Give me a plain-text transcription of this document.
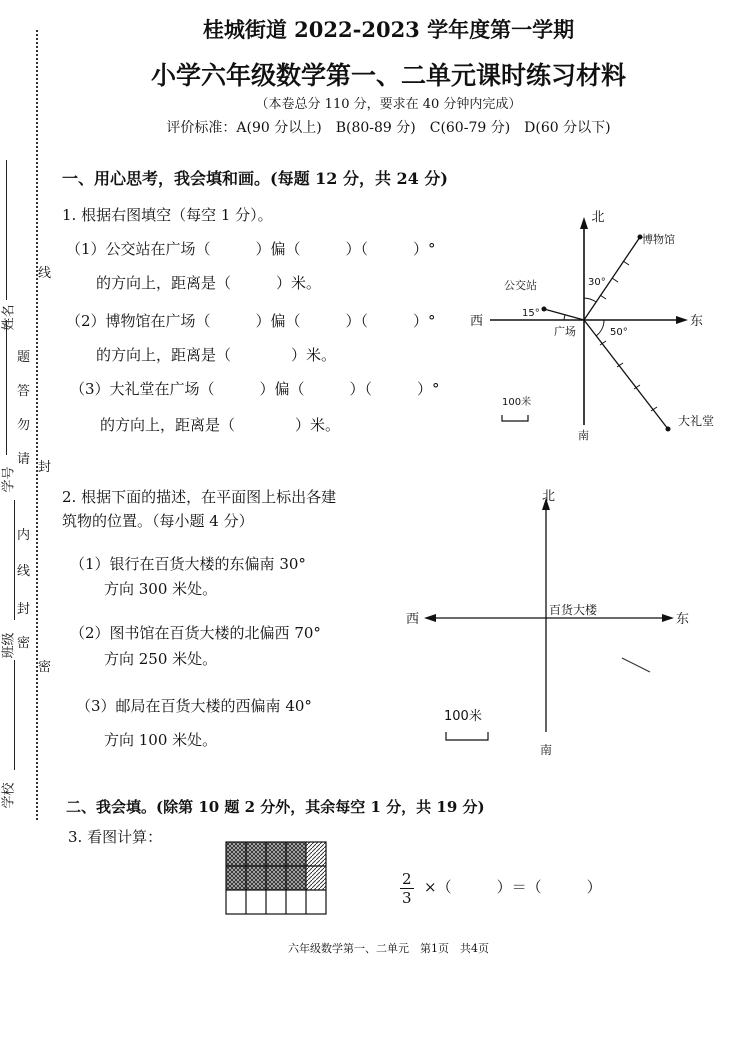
线
题
答
勿
请
封
内
线
封
密
密
学号
姓名
班级
学校
桂城街道 2022-2023 学年度第一学期
小学六年级数学第一、二单元课时练习材料
（本卷总分 110 分，要求在 40 分钟内完成）
评价标准：A(90 分以上)　B(80-89 分)　C(60-79 分)　D(60 分以下)
一、用心思考，我会填和画。(每题 12 分，共 24 分)
1. 根据右图填空（每空 1 分）。
（1）公交站在广场（　　　）偏（　　　）（　　　）°
的方向上，距离是（　　　）米。
（2）博物馆在广场（　　　）偏（　　　）（　　　）°
的方向上，距离是（　　　　）米。
（3）大礼堂在广场（　　　）偏（　　　）（　　　）°
的方向上，距离是（　　　　）米。
北
西	东
南
广场
公交站
博物馆
大礼堂
15°
30°
50°
100米
2. 根据下面的描述，在平面图上标出各建
筑物的位置。（每小题 4 分）
（1）银行在百货大楼的东偏南 30°
方向 300 米处。
（2）图书馆在百货大楼的北偏西 70°
方向 250 米处。
（3）邮局在百货大楼的西偏南 40°
方向 100 米处。
北
西	东
南
百货大楼
100米
二、我会填。(除第 10 题 2 分外，其余每空 1 分，共 19 分)
3. 看图计算：
$\frac{2}{3}$ ×（　　　）＝（　　　）
六年级数学第一、二单元　第1页　共4页
